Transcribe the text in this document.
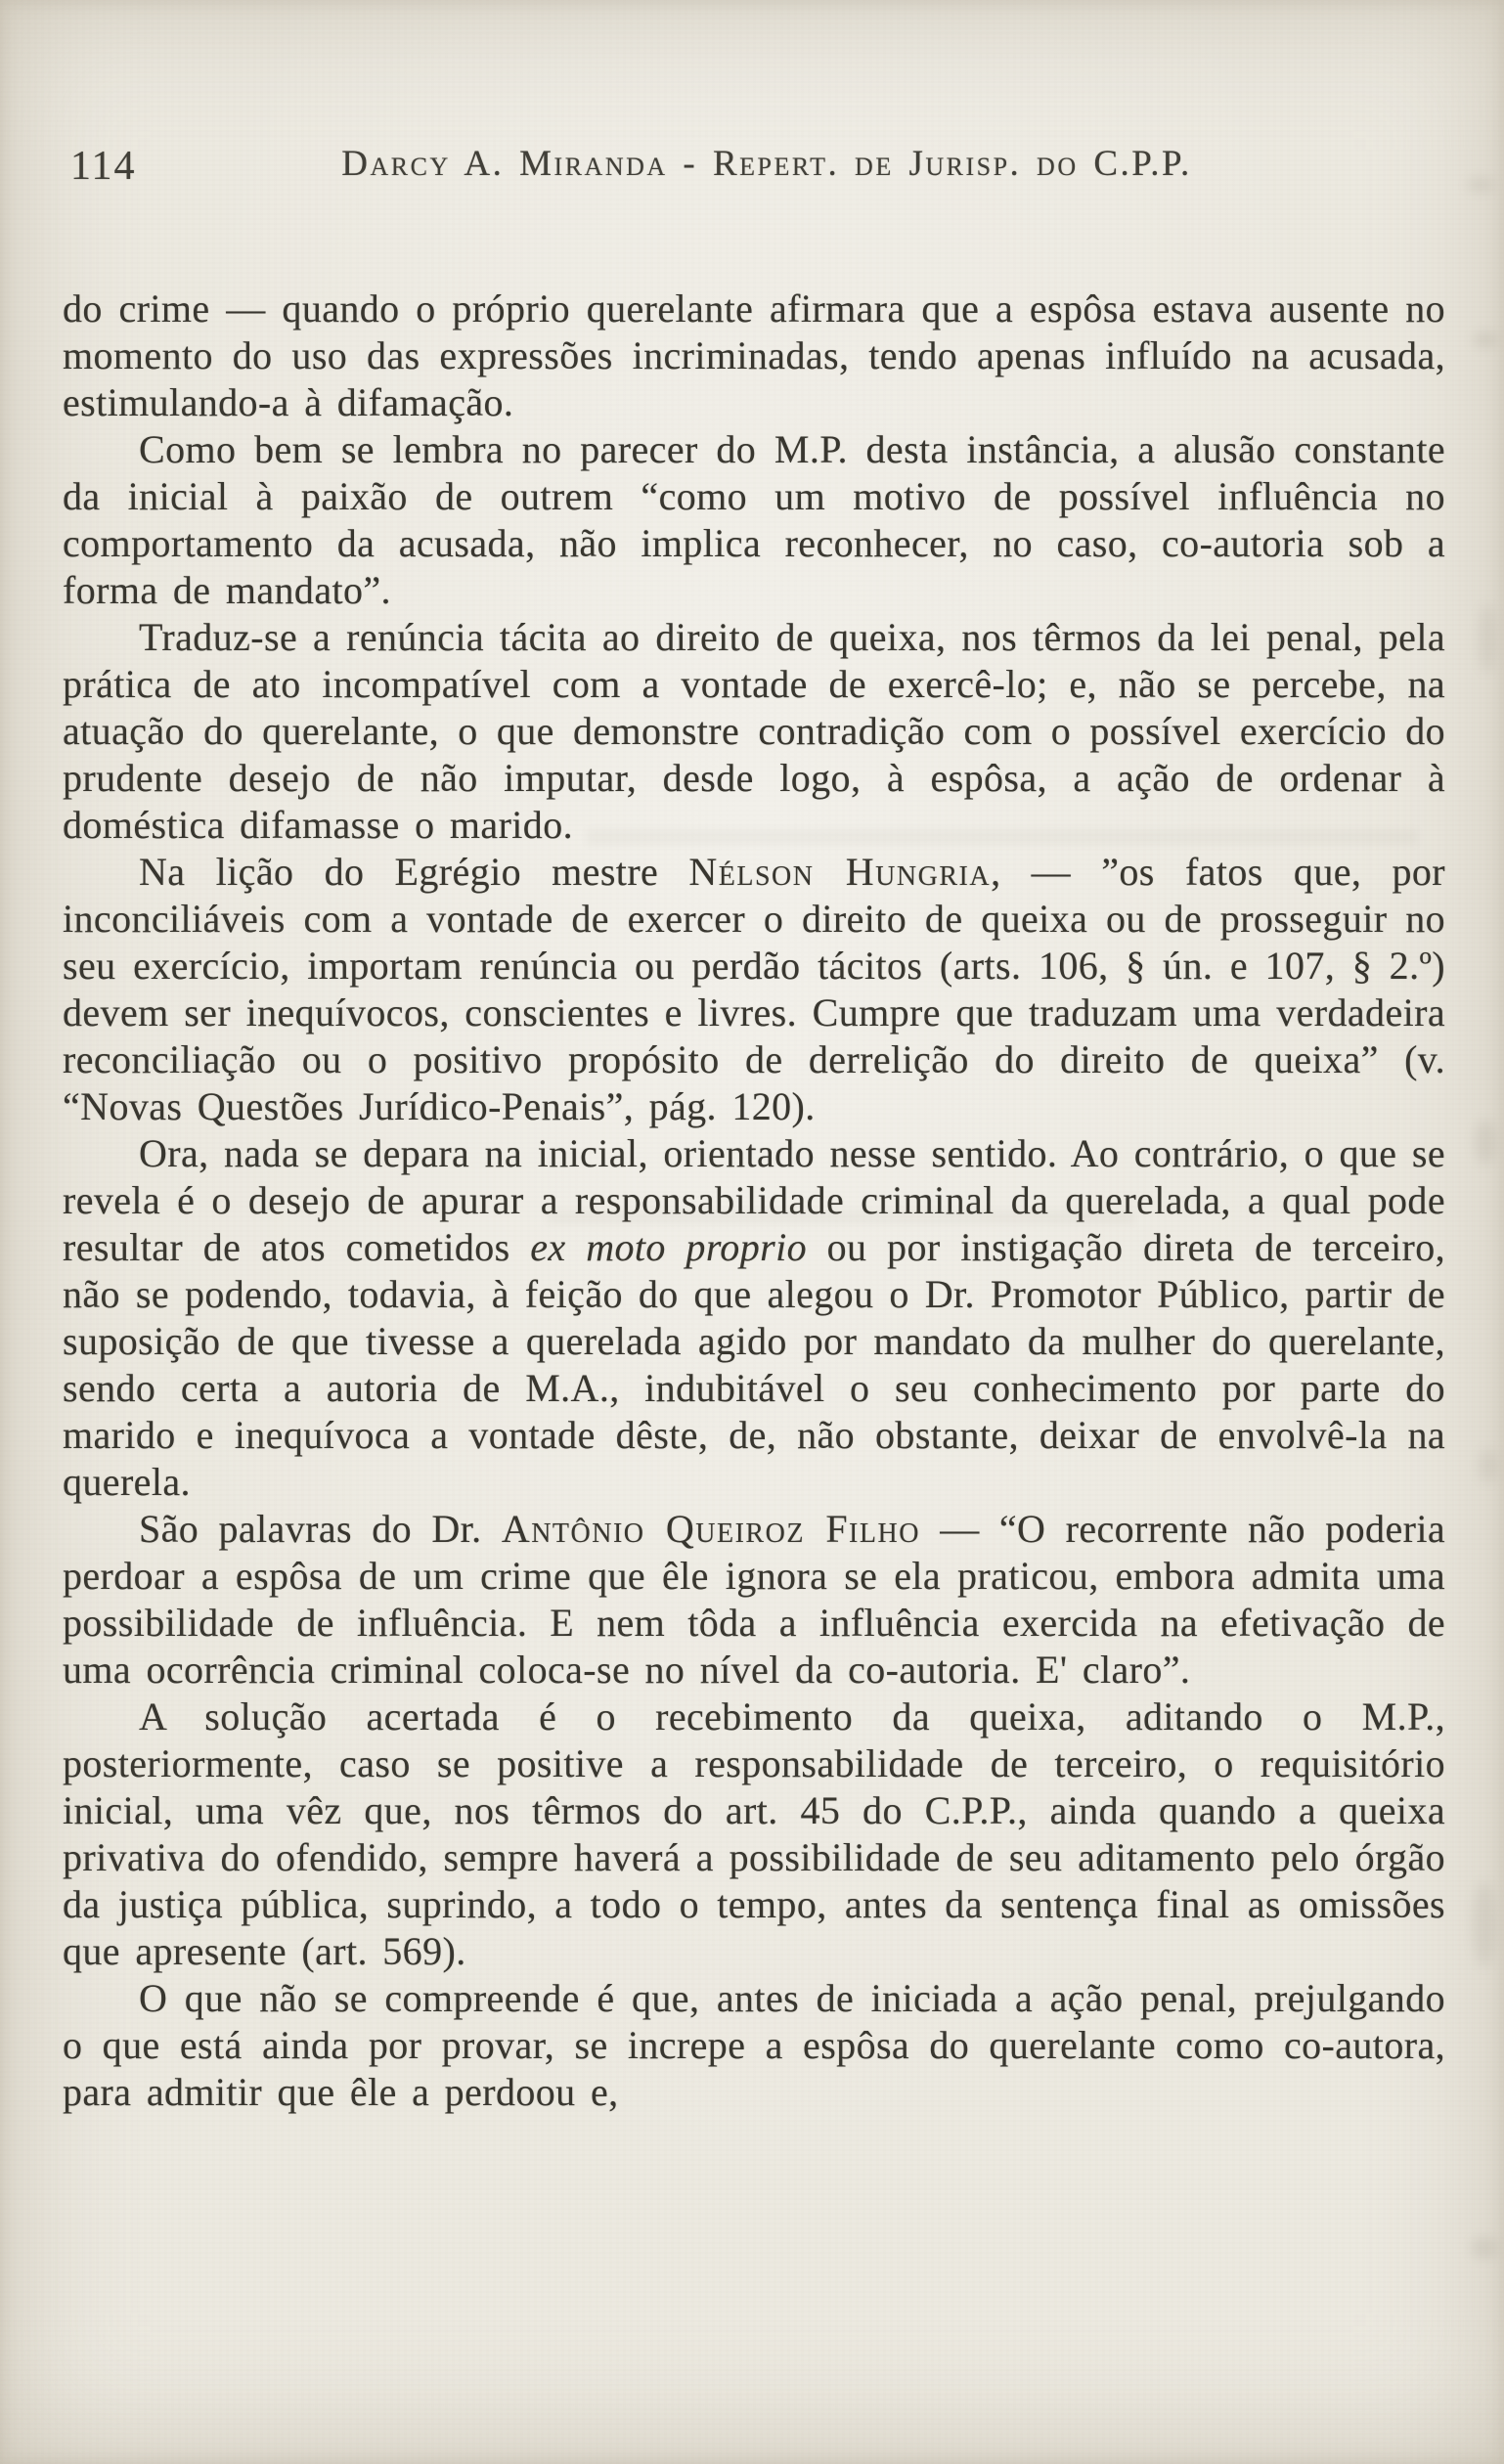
114	Darcy A. Miranda - Repert. de Jurisp. do C.P.P.

do crime — quando o próprio querelante afirmara que a espôsa estava ausente no momento do uso das expressões incriminadas, tendo apenas influído na acusada, estimulando-a à difamação.

Como bem se lembra no parecer do M.P. desta instância, a alusão constante da inicial à paixão de outrem “como um motivo de possível influência no comportamento da acusada, não implica reconhecer, no caso, co-autoria sob a forma de mandato”.

Traduz-se a renúncia tácita ao direito de queixa, nos têrmos da lei penal, pela prática de ato incompatível com a vontade de exercê-lo; e, não se percebe, na atuação do querelante, o que demonstre contradição com o possível exercício do prudente desejo de não imputar, desde logo, à espôsa, a ação de ordenar à doméstica difamasse o marido.

Na lição do Egrégio mestre Nélson Hungria, — ”os fatos que, por inconciliáveis com a vontade de exercer o direito de queixa ou de prosseguir no seu exercício, importam renúncia ou perdão tácitos (arts. 106, § ún. e 107, § 2.º) devem ser inequívocos, conscientes e livres. Cumpre que traduzam uma verdadeira reconciliação ou o positivo propósito de derrelição do direito de queixa” (v. “Novas Questões Jurídico-Penais”, pág. 120).

Ora, nada se depara na inicial, orientado nesse sentido. Ao contrário, o que se revela é o desejo de apurar a responsabilidade criminal da querelada, a qual pode resultar de atos cometidos ex moto proprio ou por instigação direta de terceiro, não se podendo, todavia, à feição do que alegou o Dr. Promotor Público, partir de suposição de que tivesse a querelada agido por mandato da mulher do querelante, sendo certa a autoria de M.A., indubitável o seu conhecimento por parte do marido e inequívoca a vontade dêste, de, não obstante, deixar de envolvê-la na querela.

São palavras do Dr. Antônio Queiroz Filho — “O recorrente não poderia perdoar a espôsa de um crime que êle ignora se ela praticou, embora admita uma possibilidade de influência. E nem tôda a influência exercida na efetivação de uma ocorrência criminal coloca-se no nível da co-autoria. E' claro”.

A solução acertada é o recebimento da queixa, aditando o M.P., posteriormente, caso se positive a responsabilidade de terceiro, o requisitório inicial, uma vêz que, nos têrmos do art. 45 do C.P.P., ainda quando a queixa privativa do ofendido, sempre haverá a possibilidade de seu aditamento pelo órgão da justiça pública, suprindo, a todo o tempo, antes da sentença final as omissões que apresente (art. 569).

O que não se compreende é que, antes de iniciada a ação penal, prejulgando o que está ainda por provar, se increpe a espôsa do querelante como co-autora, para admitir que êle a perdoou e,
